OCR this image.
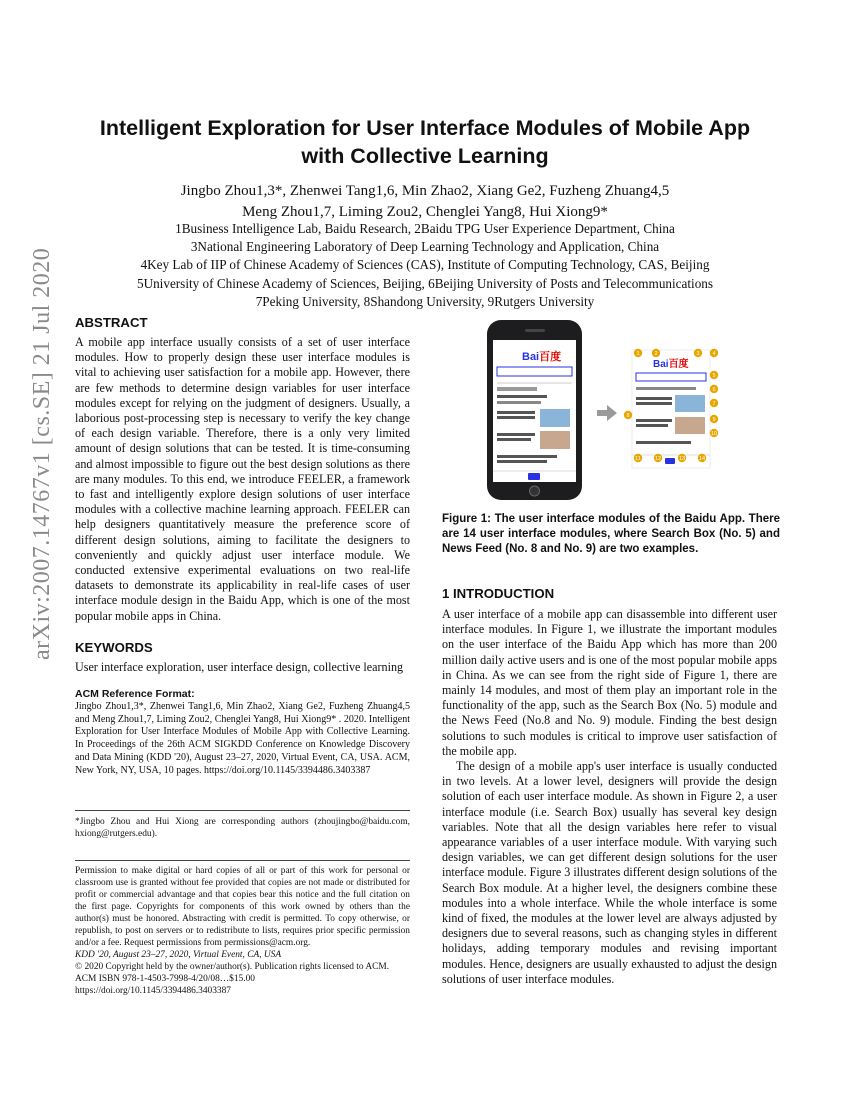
Intelligent Exploration for User Interface Modules of Mobile App with Collective Learning
Jingbo Zhou1,3*, Zhenwei Tang1,6, Min Zhao2, Xiang Ge2, Fuzheng Zhuang4,5
Meng Zhou1,7, Liming Zou2, Chenglei Yang8, Hui Xiong9*
1Business Intelligence Lab, Baidu Research, 2Baidu TPG User Experience Department, China
3National Engineering Laboratory of Deep Learning Technology and Application, China
4Key Lab of IIP of Chinese Academy of Sciences (CAS), Institute of Computing Technology, CAS, Beijing
5University of Chinese Academy of Sciences, Beijing, 6Beijing University of Posts and Telecommunications
7Peking University, 8Shandong University, 9Rutgers University
arXiv:2007.14767v1 [cs.SE] 21 Jul 2020	ABSTRACT

A mobile app interface usually consists of a set of user interface modules. How to properly design these user interface modules is vital to achieving user satisfaction for a mobile app. However, there are few methods to determine design variables for user interface modules except for relying on the judgment of designers. Usually, a laborious post-processing step is necessary to verify the key change of each design variable. Therefore, there is a only very limited amount of design solutions that can be tested. It is time-consuming and almost impossible to figure out the best design solutions as there are many modules. To this end, we introduce FEELER, a framework to fast and intelligently explore design solutions of user interface modules with a collective machine learning approach. FEELER can help designers quantitatively measure the preference score of different design solutions, aiming to facilitate the designers to conveniently and quickly adjust user interface module. We conducted extensive experimental evaluations on two real-life datasets to demonstrate its applicability in real-life cases of user interface module design in the Baidu App, which is one of the most popular mobile apps in China.

KEYWORDS
User interface exploration, user interface design, collective learning
ACM Reference Format:
Jingbo Zhou1,3*, Zhenwei Tang1,6, Min Zhao2, Xiang Ge2, Fuzheng Zhuang4,5 and Meng Zhou1,7, Liming Zou2, Chenglei Yang8, Hui Xiong9* . 2020. Intelligent Exploration for User Interface Modules of Mobile App with Collective Learning. In Proceedings of the 26th ACM SIGKDD Conference on Knowledge Discovery and Data Mining (KDD '20), August 23–27, 2020, Virtual Event, CA, USA. ACM, New York, NY, USA, 10 pages. https://doi.org/10.1145/3394486.3403387
*Jingbo Zhou and Hui Xiong are corresponding authors (zhoujingbo@baidu.com, hxiong@rutgers.edu).
Permission to make digital or hard copies of all or part of this work for personal or classroom use is granted without fee provided that copies are not made or distributed for profit or commercial advantage and that copies bear this notice and the full citation on the first page. Copyrights for components of this work owned by others than the author(s) must be honored. Abstracting with credit is permitted. To copy otherwise, or republish, to post on servers or to redistribute to lists, requires prior specific permission and/or a fee. Request permissions from permissions@acm.org.
KDD '20, August 23–27, 2020, Virtual Event, CA, USA
© 2020 Copyright held by the owner/author(s). Publication rights licensed to ACM.
ACM ISBN 978-1-4503-7998-4/20/08…$15.00
https://doi.org/10.1145/3394486.3403387
Bai百度
Bai百度
1	2	3 4
5
6
7
8
9
10
11	12	13	14
Figure 1: The user interface modules of the Baidu App. There are 14 user interface modules, where Search Box (No. 5) and News Feed (No. 8 and No. 9) are two examples.
1 INTRODUCTION

A user interface of a mobile app can disassemble into different user interface modules. In Figure 1, we illustrate the important modules on the user interface of the Baidu App which has more than 200 million daily active users and is one of the most popular mobile apps in China. As we can see from the right side of Figure 1, there are mainly 14 modules, and most of them play an important role in the functionality of the app, such as the Search Box (No. 5) module and the News Feed (No.8 and No. 9) module. Finding the best design solutions to such modules is critical to improve user satisfaction of the mobile app.

The design of a mobile app's user interface is usually conducted in two levels. At a lower level, designers will provide the design solution of each user interface module. As shown in Figure 2, a user interface module (i.e. Search Box) usually has several key design variables. Note that all the design variables here refer to visual appearance variables of a user interface module. With varying such design variables, we can get different design solutions for the user interface module. Figure 3 illustrates different design solutions of the Search Box module. At a higher level, the designers combine these modules into a whole interface. While the whole interface is some kind of fixed, the modules at the lower level are always adjusted by designers due to several reasons, such as changing styles in different holidays, adding temporary modules and revising important modules. Hence, designers are usually exhausted to adjust the design solutions of user interface modules.
